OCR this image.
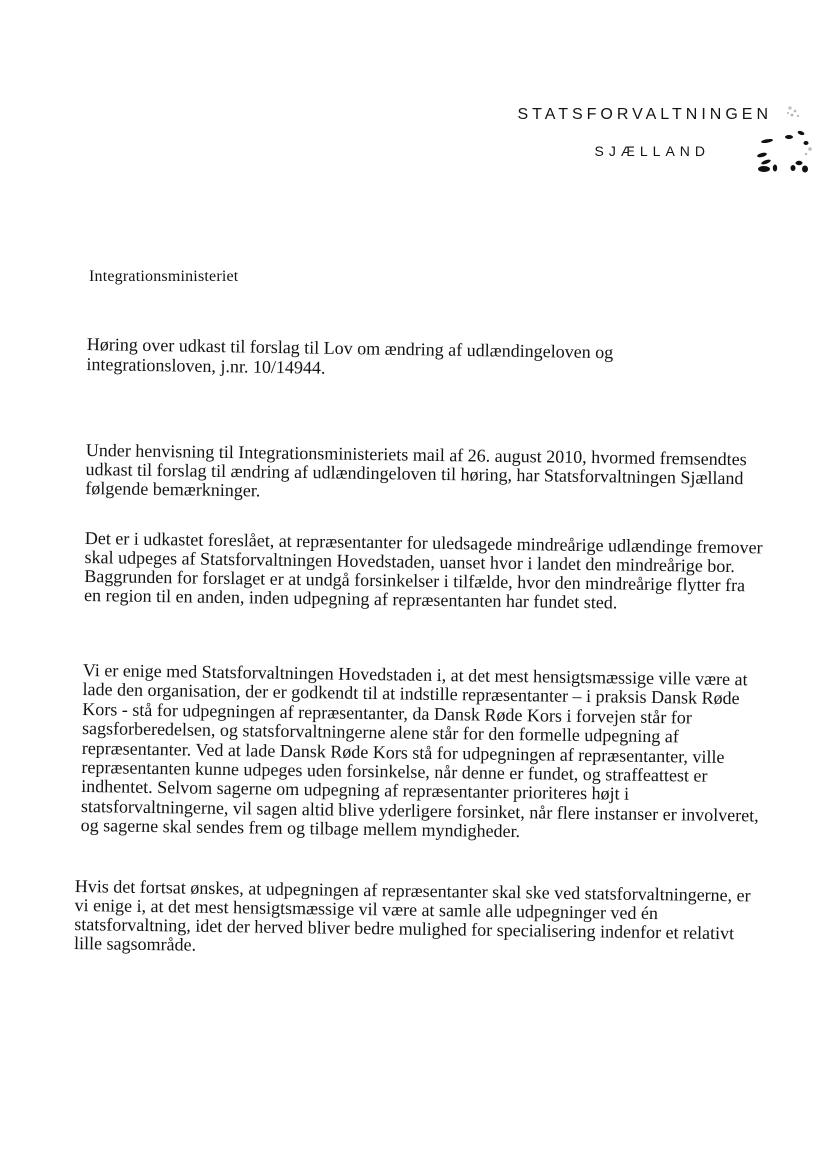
STATSFORVALTNINGEN
SJÆLLAND
Integrationsministeriet
Høring over udkast til forslag til Lov om ændring af udlændingeloven og integrationsloven, j.nr. 10/14944.

Under henvisning til Integrationsministeriets mail af 26. august 2010, hvormed fremsendtes udkast til forslag til ændring af udlændingeloven til høring, har Statsforvaltningen Sjælland følgende bemærkninger.

Det er i udkastet foreslået, at repræsentanter for uledsagede mindreårige udlændinge fremover skal udpeges af Statsforvaltningen Hovedstaden, uanset hvor i landet den mindreårige bor. Baggrunden for forslaget er at undgå forsinkelser i tilfælde, hvor den mindreårige flytter fra en region til en anden, inden udpegning af repræsentanten har fundet sted.

Vi er enige med Statsforvaltningen Hovedstaden i, at det mest hensigtsmæssige ville være at lade den organisation, der er godkendt til at indstille repræsentanter – i praksis Dansk Røde Kors - stå for udpegningen af repræsentanter, da Dansk Røde Kors i forvejen står for sagsforberedelsen, og statsforvaltningerne alene står for den formelle udpegning af repræsentanter. Ved at lade Dansk Røde Kors stå for udpegningen af repræsentanter, ville repræsentanten kunne udpeges uden forsinkelse, når denne er fundet, og straffeattest er indhentet. Selvom sagerne om udpegning af repræsentanter prioriteres højt i statsforvaltningerne, vil sagen altid blive yderligere forsinket, når flere instanser er involveret, og sagerne skal sendes frem og tilbage mellem myndigheder.

Hvis det fortsat ønskes, at udpegningen af repræsentanter skal ske ved statsforvaltningerne, er vi enige i, at det mest hensigtsmæssige vil være at samle alle udpegninger ved én statsforvaltning, idet der herved bliver bedre mulighed for specialisering indenfor et relativt lille sagsområde.
